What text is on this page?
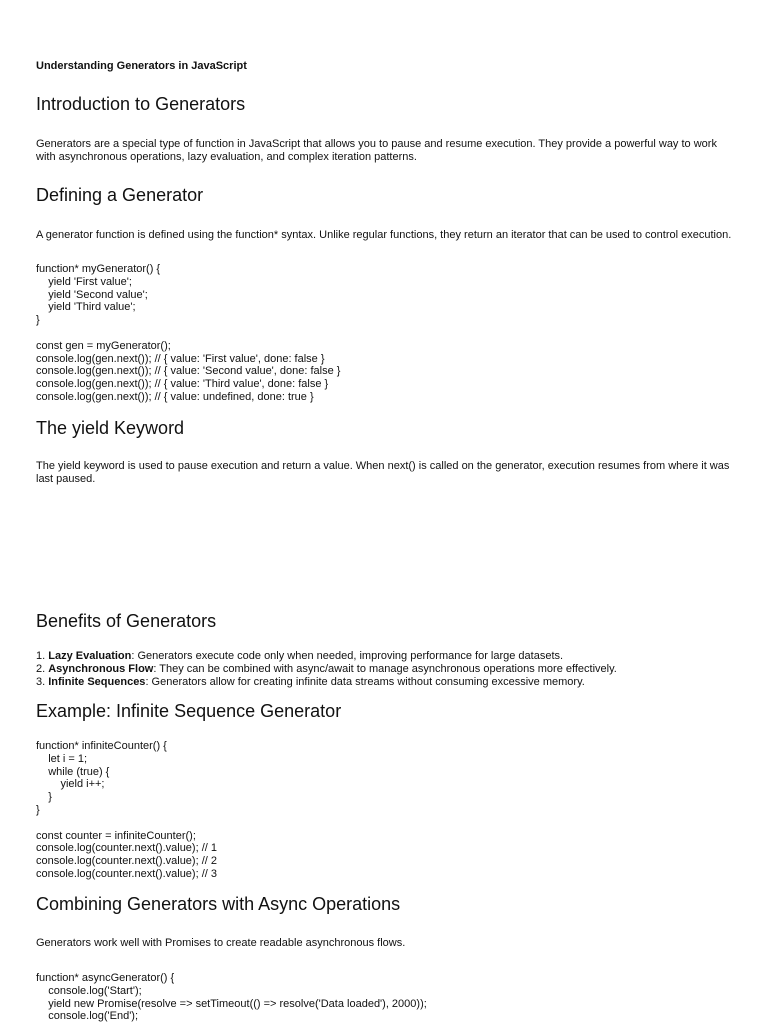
Understanding Generators in JavaScript
Introduction to Generators

Generators are a special type of function in JavaScript that allows you to pause and resume execution. They provide a powerful way to work with asynchronous operations, lazy evaluation, and complex iteration patterns.

Defining a Generator

A generator function is defined using the function* syntax. Unlike regular functions, they return an iterator that can be used to control execution.

function* myGenerator() {
yield 'First value';
yield 'Second value';
yield 'Third value';
}

const gen = myGenerator();
console.log(gen.next()); // { value: 'First value', done: false }
console.log(gen.next()); // { value: 'Second value', done: false }
console.log(gen.next()); // { value: 'Third value', done: false }
console.log(gen.next()); // { value: undefined, done: true }
The yield Keyword

The yield keyword is used to pause execution and return a value. When next() is called on the generator, execution resumes from where it was last paused.

Benefits of Generators
1. Lazy Evaluation: Generators execute code only when needed, improving performance for large datasets.
2. Asynchronous Flow: They can be combined with async/await to manage asynchronous operations more effectively.
3. Infinite Sequences: Generators allow for creating infinite data streams without consuming excessive memory.
Example: Infinite Sequence Generator
function* infiniteCounter() {
let i = 1;
while (true) {
yield i++;
}
}

const counter = infiniteCounter();
console.log(counter.next().value); // 1
console.log(counter.next().value); // 2
console.log(counter.next().value); // 3
Combining Generators with Async Operations

Generators work well with Promises to create readable asynchronous flows.

function* asyncGenerator() {
console.log('Start');
yield new Promise(resolve => setTimeout(() => resolve('Data loaded'), 2000));
console.log('End');
